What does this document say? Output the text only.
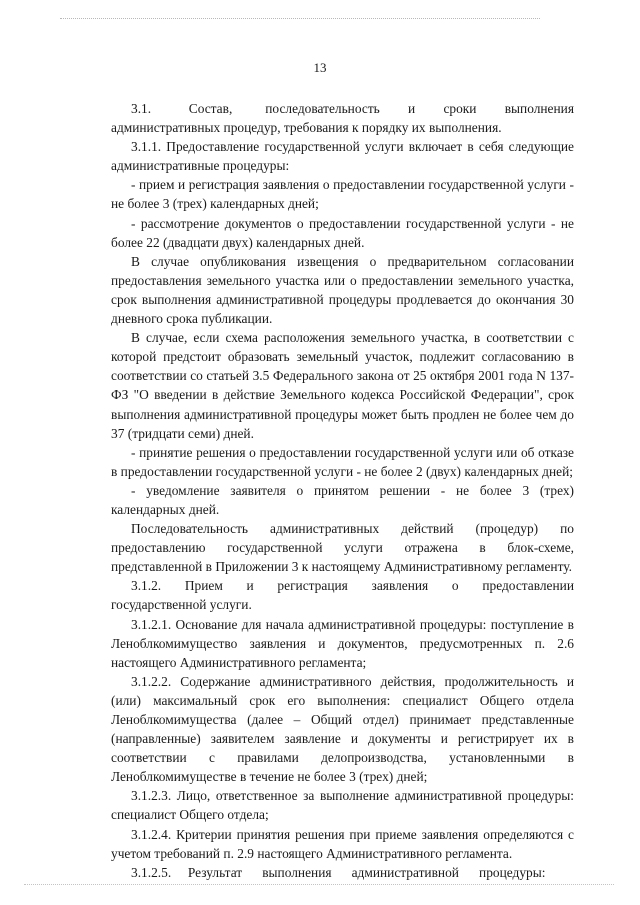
13

3.1.        Состав,       последовательность      и      сроки      выполнения административных процедур, требования к порядку их выполнения.

3.1.1. Предоставление государственной услуги включает в себя следующие административные процедуры:

- прием и регистрация заявления о предоставлении государственной услуги - не более 3 (трех) календарных дней;

- рассмотрение документов о предоставлении государственной услуги - не более 22 (двадцати двух) календарных дней.

В случае опубликования извещения о предварительном согласовании предоставления земельного участка или о предоставлении земельного участка, срок выполнения административной процедуры продлевается до окончания 30 дневного срока публикации.

В случае, если схема расположения земельного участка, в соответствии с которой предстоит образовать земельный участок, подлежит согласованию в соответствии со статьей 3.5 Федерального закона от 25 октября 2001 года N 137-ФЗ "О введении в действие Земельного кодекса Российской Федерации", срок выполнения административной процедуры может быть продлен не более чем до 37 (тридцати семи) дней.

- принятие решения о предоставлении государственной услуги или об отказе в предоставлении государственной услуги - не более 2 (двух) календарных дней;

- уведомление заявителя о принятом решении - не более 3 (трех) календарных дней.

Последовательность административных действий (процедур) по предоставлению государственной услуги отражена в блок-схеме, представленной в Приложении 3 к настоящему Административному регламенту.

3.1.2.      Прием      и      регистрация      заявления      о      предоставлении государственной услуги.

3.1.2.1. Основание для начала административной процедуры: поступление в Леноблкомимущество заявления и документов, предусмотренных п. 2.6 настоящего Административного регламента;

3.1.2.2. Содержание административного действия, продолжительность и (или) максимальный срок его выполнения: специалист Общего отдела Леноблкомимущества (далее – Общий отдел) принимает представленные (направленные) заявителем заявление и документы и регистрирует их в соответствии с правилами делопроизводства, установленными в Леноблкомимуществе в течение не более 3 (трех) дней;

3.1.2.3. Лицо, ответственное за выполнение административной процедуры: специалист Общего отдела;

3.1.2.4. Критерии принятия решения при приеме заявления определяются с учетом требований п. 2.9 настоящего Административного регламента.

3.1.2.5.     Результат      выполнения      административной      процедуры:
